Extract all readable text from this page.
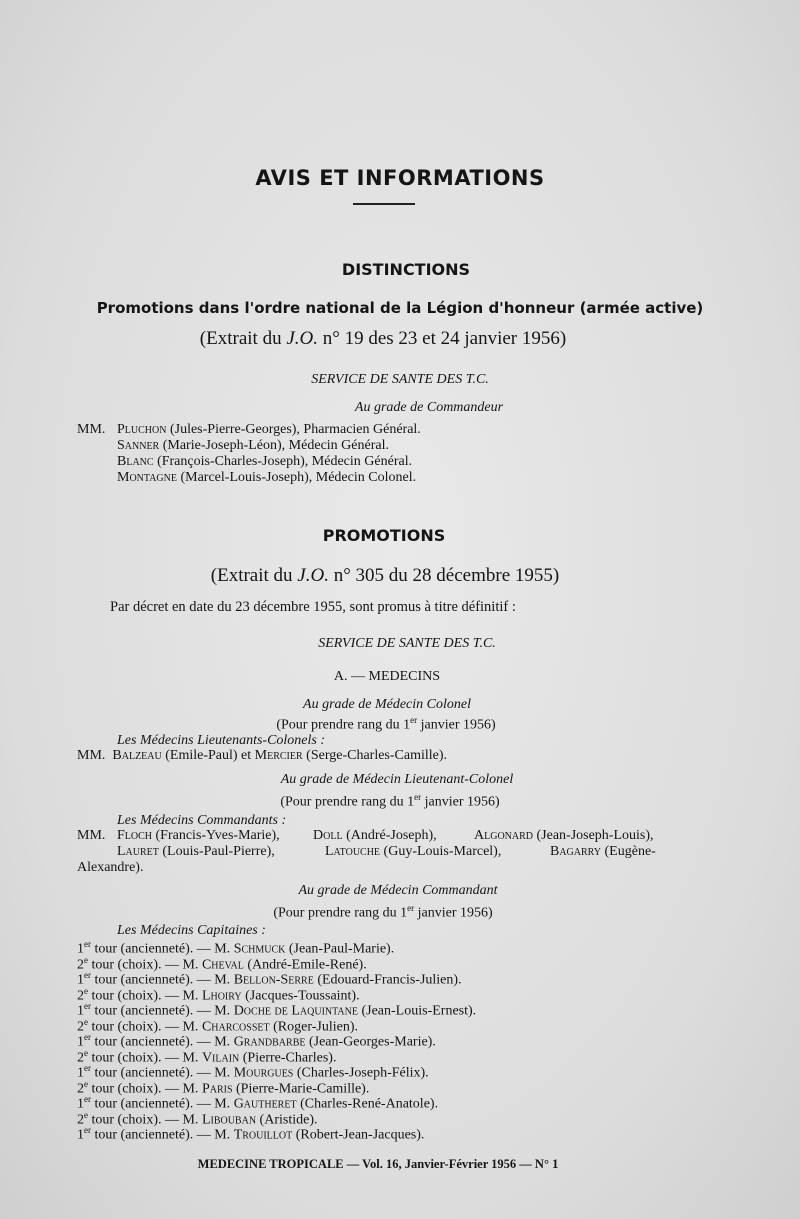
AVIS ET INFORMATIONS
DISTINCTIONS
Promotions dans l'ordre national de la Légion d'honneur (armée active)
(Extrait du J.O. n° 19 des 23 et 24 janvier 1956)
SERVICE DE SANTE DES T.C.
Au grade de Commandeur
MM. Pluchon (Jules-Pierre-Georges), Pharmacien Général.
Sanner (Marie-Joseph-Léon), Médecin Général.
Blanc (François-Charles-Joseph), Médecin Général.
Montagne (Marcel-Louis-Joseph), Médecin Colonel.
PROMOTIONS
(Extrait du J.O. n° 305 du 28 décembre 1955)
Par décret en date du 23 décembre 1955, sont promus à titre définitif :
SERVICE DE SANTE DES T.C.
A. — MEDECINS
Au grade de Médecin Colonel
(Pour prendre rang du 1er janvier 1956)
Les Médecins Lieutenants-Colonels :
MM. Balzeau (Emile-Paul) et Mercier (Serge-Charles-Camille).
Au grade de Médecin Lieutenant-Colonel
(Pour prendre rang du 1er janvier 1956)
Les Médecins Commandants :
MM. Floch (Francis-Yves-Marie), Doll (André-Joseph),	Algonard (Jean-Joseph-Louis),
Lauret (Louis-Paul-Pierre),	Latouche (Guy-Louis-Marcel),	Bagarry (Eugène-
Alexandre).
Au grade de Médecin Commandant
(Pour prendre rang du 1er janvier 1956)
Les Médecins Capitaines :
1er tour (ancienneté). — M. Schmuck (Jean-Paul-Marie).
2e tour (choix). — M. Cheval (André-Emile-René).
1er tour (ancienneté). — M. Bellon-Serre (Edouard-Francis-Julien).
2e tour (choix). — M. Lhoiry (Jacques-Toussaint).
1er tour (ancienneté). — M. Doche de Laquintane (Jean-Louis-Ernest).
2e tour (choix). — M. Charcosset (Roger-Julien).
1er tour (ancienneté). — M. Grandbarbe (Jean-Georges-Marie).
2e tour (choix). — M. Vilain (Pierre-Charles).
1er tour (ancienneté). — M. Mourgues (Charles-Joseph-Félix).
2e tour (choix). — M. Paris (Pierre-Marie-Camille).
1er tour (ancienneté). — M. Gautheret (Charles-René-Anatole).
2e tour (choix). — M. Libouban (Aristide).
1er tour (ancienneté). — M. Trouillot (Robert-Jean-Jacques).
MEDECINE TROPICALE — Vol. 16, Janvier-Février 1956 — N° 1
